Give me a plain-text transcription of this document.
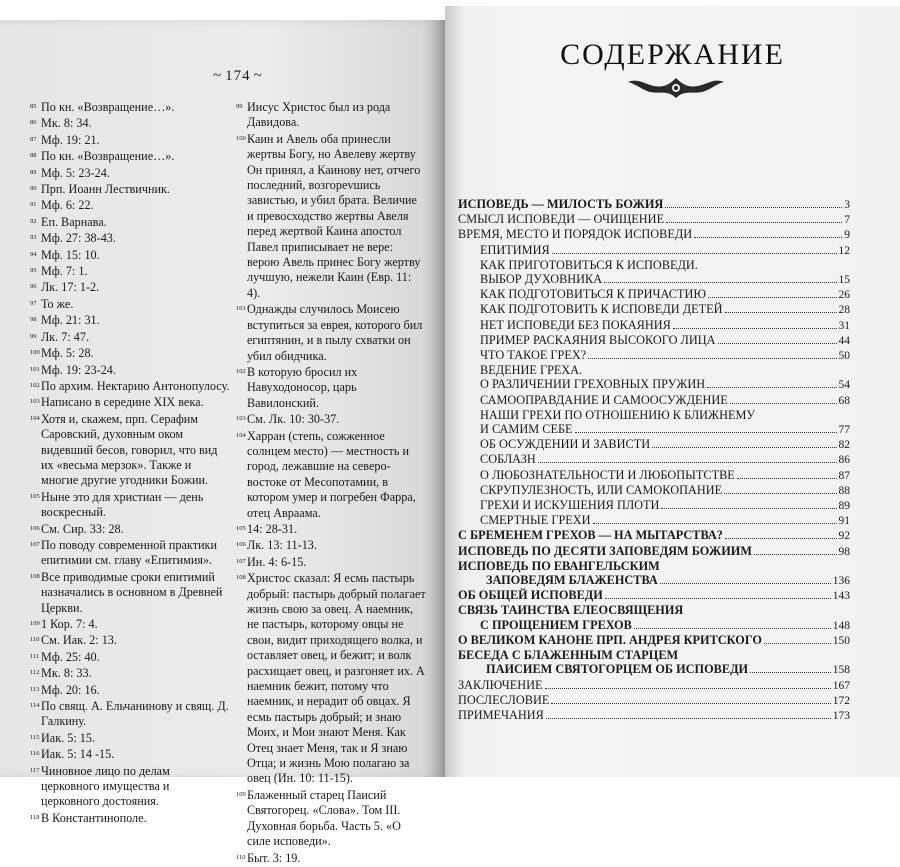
~ 174 ~
85 По кн. «Возвращение…».
86 Мк. 8: 34.
87 Мф. 19: 21.
88 По кн. «Возвращение…».
89 Мф. 5: 23-24.
90 Прп. Иоанн Лествичник.
91 Мф. 6: 22.
92 Еп. Варнава.
93 Мф. 27: 38-43.
94 Мф. 15: 10.
95 Мф. 7: 1.
96 Лк. 17: 1-2.
97 То же.
98 Мф. 21: 31.
99 Лк. 7: 47.
100 Мф. 5: 28.
101 Мф. 19: 23-24.
102 По архим. Нектарию Антонопулосу.
103 Написано в середине XIX века.
104 Хотя и, скажем, прп. Серафим Саровский, духовным оком видевший бесов, говорил, что вид их «весьма мерзок». Также и многие другие угодники Божии.
105 Ныне это для христиан — день воскресный.
106 См. Сир. 33: 28.
107 По поводу современной практики епитимии см. главу «Епитимия».
108 Все приводимые сроки епитимий назначались в основном в Древней Церкви.
109 1 Кор. 7: 4.
110 См. Иак. 2: 13.
111 Мф. 25: 40.
112 Мк. 8: 33.
113 Мф. 20: 16.
114 По свящ. А. Ельчанинову и свящ. Д. Галкину.
115 Иак. 5: 15.
116 Иак. 5: 14 -15.
117 Чиновное лицо по делам церковного имущества и церковного достояния.
118 В Константинополе.
99 Иисус Христос был из рода Давидова.
100 Каин и Авель оба принесли жертвы Богу, но Авелеву жертву Он принял, а Каинову нет, отчего последний, возгорevшись завистью, и убил брата. Величие и превосходство жертвы Авеля перед жертвой Каина апостол Павел приписывает не вере: верою Авель принес Богу жертву лучшую, нежели Каин (Евр. 11: 4).
101 Однажды случилось Моисею вступиться за еврея, которого бил египтянин, и в пылу схватки он убил обидчика.
102 В которую бросил их Навуходоносор, царь Вавилонский.
103 См. Лк. 10: 30-37.
104 Харран (степь, сожженное солнцем место) — местность и город, лежавшие на северо-востоке от Месопотамии, в котором умер и погребен Фарра, отец Авраама.
105 14: 28-31.
106 Лк. 13: 11-13.
107 Ин. 4: 6-15.
108 Христос сказал: Я есмь пастырь добрый: пастырь добрый полагает жизнь свою за овец. А наемник, не пастырь, которому овцы не свои, видит приходящего волка, и оставляет овец, и бежит; и волк расхищает овец, и разгоняет их. А наемник бежит, потому что наемник, и нерадит об овцах. Я есмь пастырь добрый; и знаю Моих, и Мои знают Меня. Как Отец знает Меня, так и Я знаю Отца; и жизнь Мою полагаю за овец (Ин. 10: 11-15).
109 Блаженный старец Паисий Святогорец. «Слова». Том III. Духовная борьба. Часть 5. «О силе исповеди».
110 Быт. 3: 19.
СОДЕРЖАНИЕ
ИСПОВЕДЬ — МИЛОСТЬ БОЖИЯ	3
СМЫСЛ ИСПОВЕДИ — ОЧИЩЕНИЕ	7
ВРЕМЯ, МЕСТО И ПОРЯДОК ИСПОВЕДИ	9
ЕПИТИМИЯ	12
КАК ПРИГОТОВИТЬСЯ К ИСПОВЕДИ.
ВЫБОР ДУХОВНИКА	15
КАК ПОДГОТОВИТЬСЯ К ПРИЧАСТИЮ	26
КАК ПОДГОТОВИТЬ К ИСПОВЕДИ ДЕТЕЙ	28
НЕТ ИСПОВЕДИ БЕЗ ПОКАЯНИЯ	31
ПРИМЕР РАСКАЯНИЯ ВЫСОКОГО ЛИЦА	44
ЧТО ТАКОЕ ГРЕХ?	50
ВЕДЕНИЕ ГРЕХА.
О РАЗЛИЧЕНИИ ГРЕХОВНЫХ ПРУЖИН	54
САМООПРАВДАНИЕ И САМООСУЖДЕНИЕ	68
НАШИ ГРЕХИ ПО ОТНОШЕНИЮ К БЛИЖНЕМУ
И САМИМ СЕБЕ	77
ОБ ОСУЖДЕНИИ И ЗАВИСТИ	82
СОБЛАЗН	86
О ЛЮБОЗНАТЕЛЬНОСТИ И ЛЮБОПЫТСТВЕ	87
СКРУПУЛЕЗНОСТЬ, ИЛИ САМОКОПАНИЕ	88
ГРЕХИ И ИСКУШЕНИЯ ПЛОТИ	89
СМЕРТНЫЕ ГРЕХИ	91
С БРЕМЕНЕМ ГРЕХОВ — НА МЫТАРСТВА?	92
ИСПОВЕДЬ ПО ДЕСЯТИ ЗАПОВЕДЯМ БОЖИИМ	98
ИСПОВЕДЬ ПО ЕВАНГЕЛЬСКИМ
ЗАПОВЕДЯМ БЛАЖЕНСТВА	136
ОБ ОБЩЕЙ ИСПОВЕДИ	143
СВЯЗЬ ТАИНСТВА ЕЛЕОСВЯЩЕНИЯ
С ПРОЩЕНИЕМ ГРЕХОВ	148
О ВЕЛИКОМ КАНОНЕ ПРП. АНДРЕЯ КРИТСКОГО	150
БЕСЕДА С БЛАЖЕННЫМ СТАРЦЕМ
ПАИСИЕМ СВЯТОГОРЦЕМ ОБ ИСПОВЕДИ	158
ЗАКЛЮЧЕНИЕ	167
ПОСЛЕСЛОВИЕ	172
ПРИМЕЧАНИЯ	173
